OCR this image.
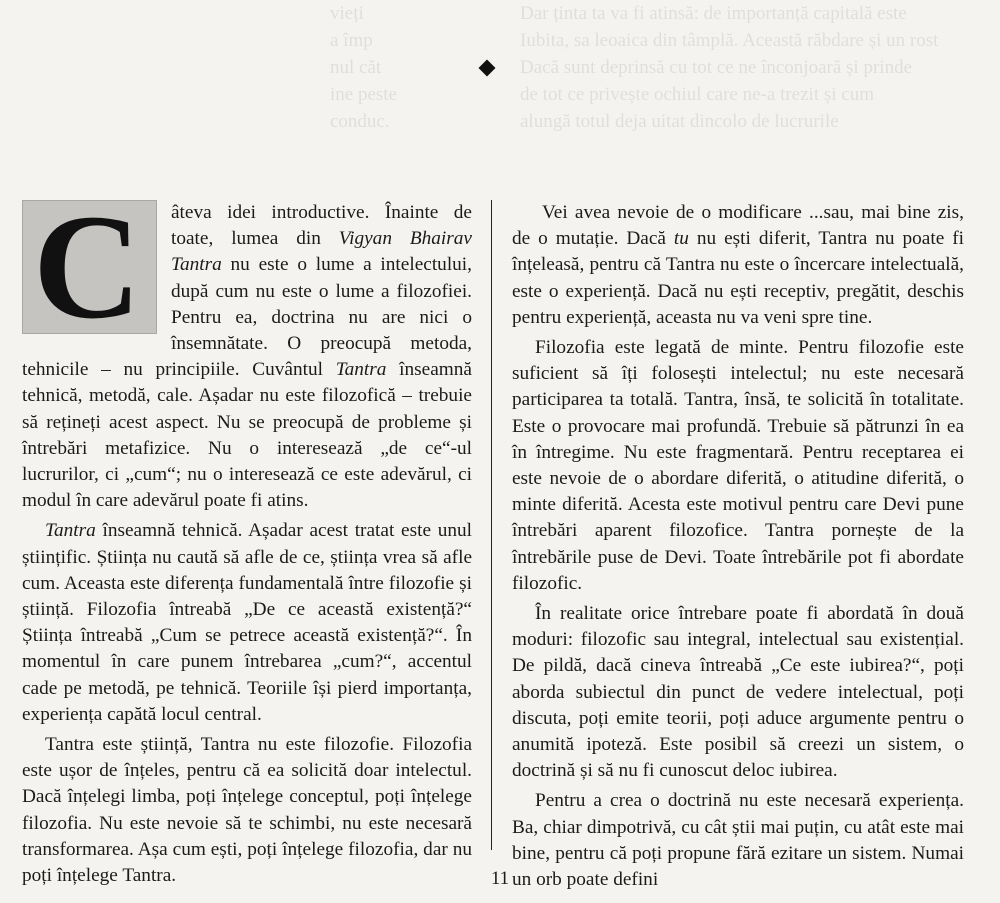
vieți
a împ
nul căt
ine peste
conduc.
Dar ținta ta va fi atinsă: de importanță capitală este
Iubita, sa leoaica din tâmplă. Această răbdare și un rost
Dacă sunt deprinsă cu tot ce ne înconjoară și prinde
de tot ce privește ochiul care ne-a trezit și cum
alungă totul deja uitat dincolo de lucrurile

C âteva idei introductive. Înainte de toate, lumea din Vigyan Bhairav Tantra nu este o lume a intelectului, după cum nu este o lume a filozofiei. Pentru ea, doctrina nu are nici o însemnătate. O preocupă metoda, tehnicile – nu principiile. Cuvântul Tantra înseamnă tehnică, metodă, cale. Așadar nu este filozofică – trebuie să rețineți acest aspect. Nu se preocupă de probleme și întrebări metafizice. Nu o interesează „de ce“-ul lucrurilor, ci „cum“; nu o interesează ce este adevărul, ci modul în care adevărul poate fi atins.

Tantra înseamnă tehnică. Așadar acest tratat este unul științific. Știința nu caută să afle de ce, știința vrea să afle cum. Aceasta este diferența fundamentală între filozofie și știință. Filozofia întreabă „De ce această existență?“ Știința întreabă „Cum se petrece această existență?“. În momentul în care punem întrebarea „cum?“, accentul cade pe metodă, pe tehnică. Teoriile își pierd importanța, experiența capătă locul central.

Tantra este știință, Tantra nu este filozofie. Filozofia este ușor de înțeles, pentru că ea solicită doar intelectul. Dacă înțelegi limba, poți înțelege conceptul, poți înțelege filozofia. Nu este nevoie să te schimbi, nu este necesară transformarea. Așa cum ești, poți înțelege filozofia, dar nu poți înțelege Tantra.

Vei avea nevoie de o modificare ...sau, mai bine zis, de o mutație. Dacă tu nu ești diferit, Tantra nu poate fi înțeleasă, pentru că Tantra nu este o încercare intelectuală, este o experiență. Dacă nu ești receptiv, pregătit, deschis pentru experiență, aceasta nu va veni spre tine.

Filozofia este legată de minte. Pentru filozofie este suficient să îți folosești intelectul; nu este necesară participarea ta totală. Tantra, însă, te solicită în totalitate. Este o provocare mai profundă. Trebuie să pătrunzi în ea în întregime. Nu este fragmentară. Pentru receptarea ei este nevoie de o abordare diferită, o atitudine diferită, o minte diferită. Acesta este motivul pentru care Devi pune întrebări aparent filozofice. Tantra pornește de la întrebările puse de Devi. Toate întrebările pot fi abordate filozofic.

În realitate orice întrebare poate fi abordată în două moduri: filozofic sau integral, intelectual sau existențial. De pildă, dacă cineva întreabă „Ce este iubirea?“, poți aborda subiectul din punct de vedere intelectual, poți discuta, poți emite teorii, poți aduce argumente pentru o anumită ipoteză. Este posibil să creezi un sistem, o doctrină și să nu fi cunoscut deloc iubirea.

Pentru a crea o doctrină nu este necesară experiența. Ba, chiar dimpotrivă, cu cât știi mai puțin, cu atât este mai bine, pentru că poți propune fără ezitare un sistem. Numai un orb poate defini

11
